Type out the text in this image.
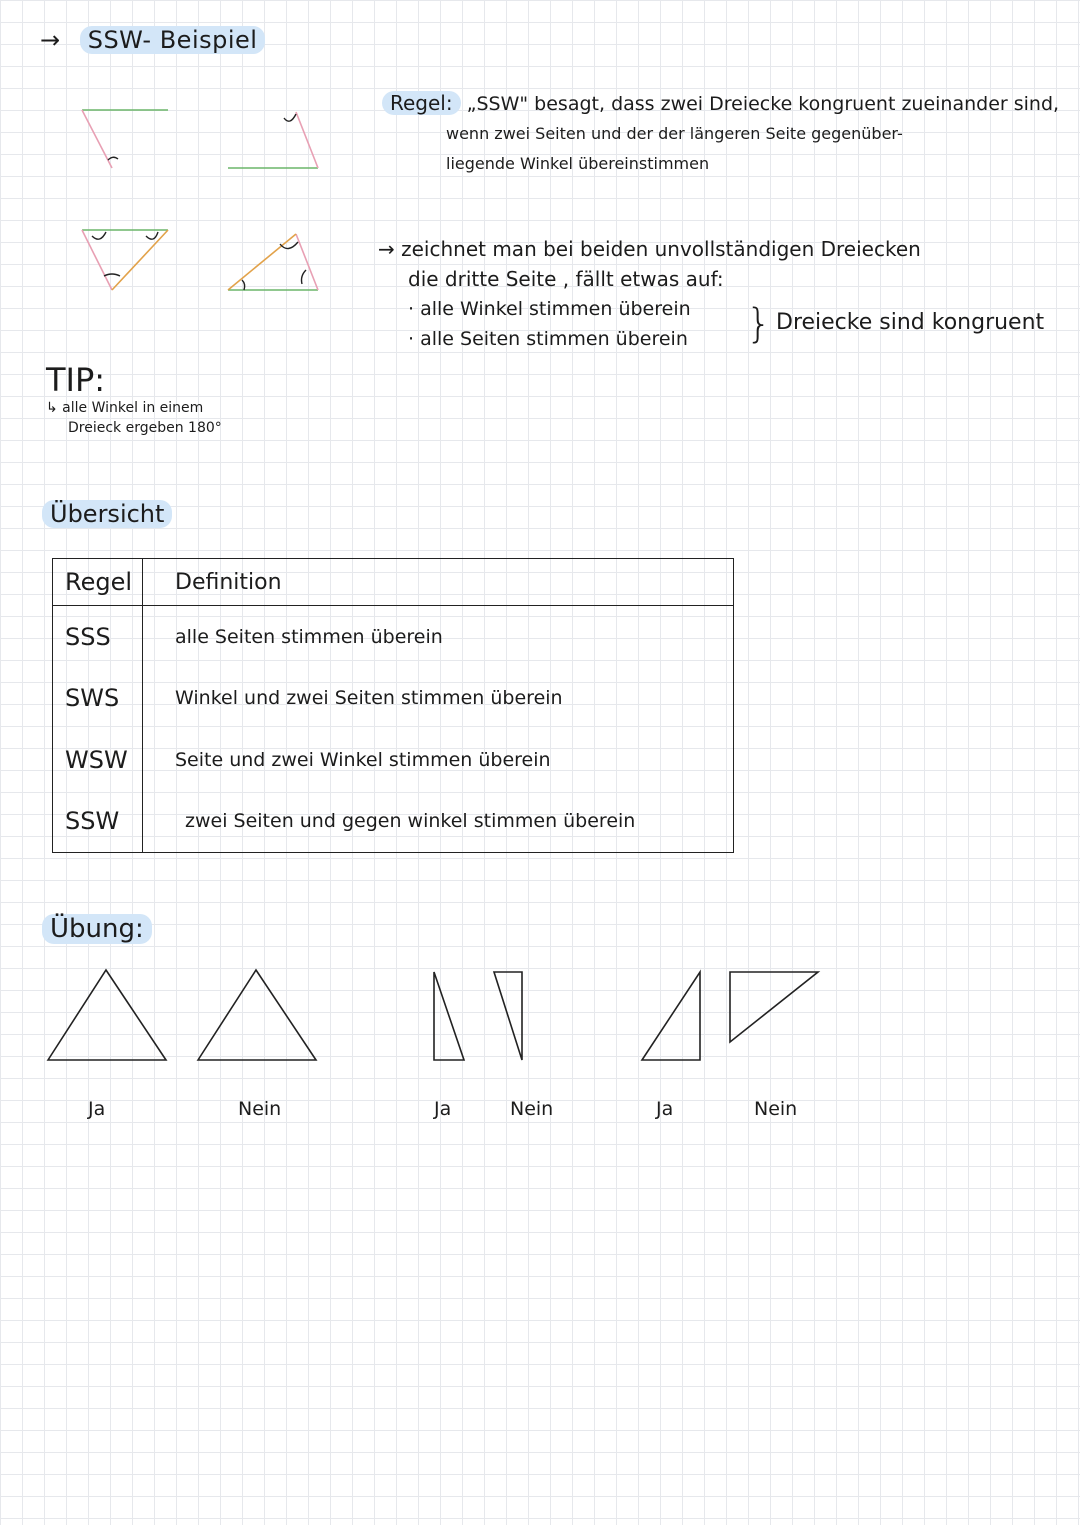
→ SSW- Beispiel
Regel: „SSW" besagt, dass zwei Dreiecke kongruent zueinander sind,
wenn zwei Seiten und der der längeren Seite gegenüber-
liegende Winkel übereinstimmen
→ zeichnet man bei beiden unvollständigen Dreiecken
die dritte Seite , fällt etwas auf:
· alle Winkel stimmen überein
· alle Seiten stimmen überein	} Dreiecke sind kongruent
TIP:
↳ alle Winkel in einem
Dreieck ergeben 180°
Übersicht
Regel	Definition
SSS	alle Seiten stimmen überein
SWS	Winkel und zwei Seiten stimmen überein
WSW	Seite und zwei Winkel stimmen überein
SSW	zwei Seiten und gegen winkel stimmen überein
Übung:
Ja	Nein	Ja	Nein	Ja	Nein
